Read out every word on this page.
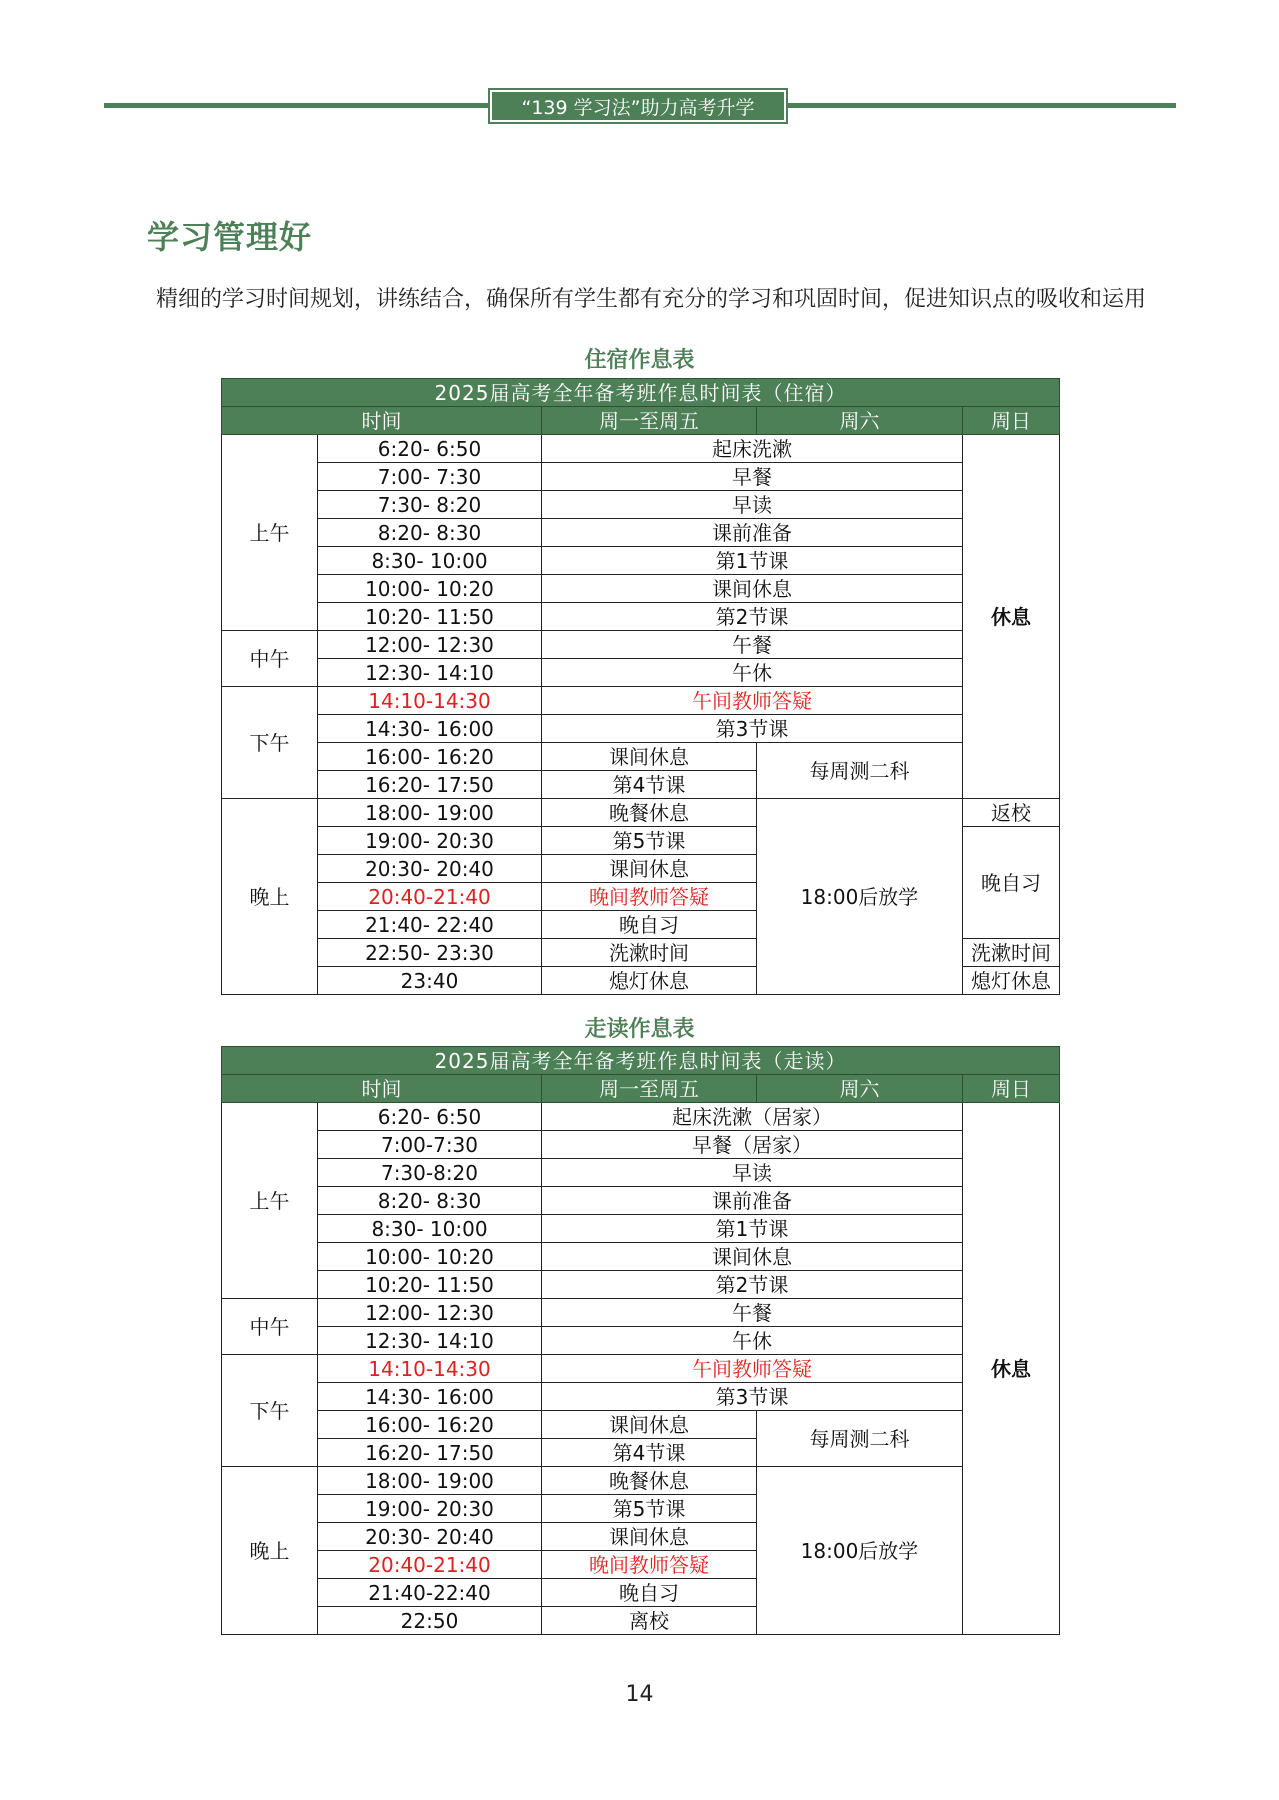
“139 学习法”助力高考升学
学习管理好

精细的学习时间规划，讲练结合，确保所有学生都有充分的学习和巩固时间，促进知识点的吸收和运用

住宿作息表
2025届高考全年备考班作息时间表（住宿）				
时间		周一至周五	周六	周日
上午	6:20- 6:50	起床洗漱		休息
	7:00- 7:30	早餐		
	7:30- 8:20	早读		
	8:20- 8:30	课前准备		
	8:30- 10:00	第1节课		
	10:00- 10:20	课间休息		
	10:20- 11:50	第2节课		
中午	12:00- 12:30	午餐		
	12:30- 14:10	午休		
下午	14:10-14:30	午间教师答疑		
	14:30- 16:00	第3节课		
	16:00- 16:20	课间休息	每周测二科	
	16:20- 17:50	第4节课		
晚上	18:00- 19:00	晚餐休息	18:00后放学	返校
	19:00- 20:30	第5节课		晚自习
	20:30- 20:40	课间休息		
	20:40-21:40	晚间教师答疑		
	21:40- 22:40	晚自习		
	22:50- 23:30	洗漱时间		洗漱时间
	23:40	熄灯休息		熄灯休息
走读作息表
2025届高考全年备考班作息时间表（走读）				
时间		周一至周五	周六	周日
上午	6:20- 6:50	起床洗漱（居家）		休息
	7:00-7:30	早餐（居家）		
	7:30-8:20	早读		
	8:20- 8:30	课前准备		
	8:30- 10:00	第1节课		
	10:00- 10:20	课间休息		
	10:20- 11:50	第2节课		
中午	12:00- 12:30	午餐		
	12:30- 14:10	午休		
下午	14:10-14:30	午间教师答疑		
	14:30- 16:00	第3节课		
	16:00- 16:20	课间休息	每周测二科	
	16:20- 17:50	第4节课		
晚上	18:00- 19:00	晚餐休息	18:00后放学	
	19:00- 20:30	第5节课		
	20:30- 20:40	课间休息		
	20:40-21:40	晚间教师答疑		
	21:40-22:40	晚自习		
	22:50	离校		
14
